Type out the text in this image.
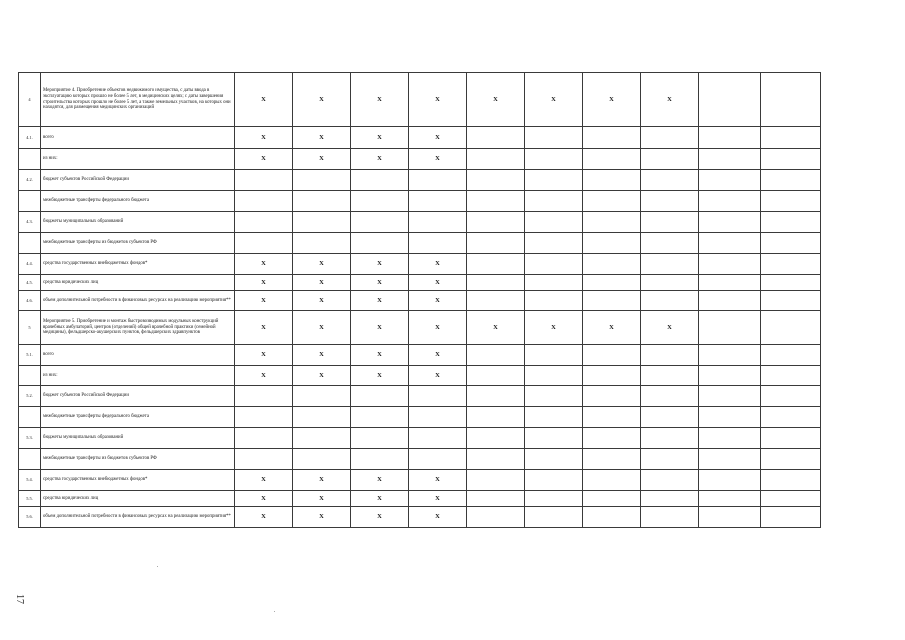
4	Мероприятие 4. Приобретение объектов недвижимого имущества, с даты ввода в эксплуатацию которых прошло не более 5 лет, в медицинских целях; с даты завершения строительства которых прошло не более 5 лет, а также земельных участков, на которых они находятся, для размещения медицинских организаций	X	X	X	X	X	X	X	X		
4.1.	всего	X	X	X	X						
	из них:	X	X	X	X						
4.2.	бюджет субъектов Российской Федерации										
	межбюджетные трансферты федерального бюджета										
4.3.	бюджеты муниципальных образований										
	межбюджетные трансферты из бюджетов субъектов РФ										
4.4.	средства государственных внебюджетных фондов*	X	X	X	X						
4.5.	средства юридических лиц	X	X	X	X						
4.6.	объем дополнительной потребности в финансовых ресурсах на реализацию мероприятия**	X	X	X	X						
5	Мероприятие 5. Приобретение и монтаж быстровозводимых модульных конструкций врачебных амбулаторий, центров (отделений) общей врачебной практики (семейной медицины), фельдшерско-акушерских пунктов, фельдшерских здравпунктов	X	X	X	X	X	X	X	X		
5.1.	всего	X	X	X	X						
	из них:	X	X	X	X						
5.2.	бюджет субъектов Российской Федерации										
	межбюджетные трансферты федерального бюджета										
5.3.	бюджеты муниципальных образований										
	межбюджетные трансферты из бюджетов субъектов РФ										
5.4.	средства государственных внебюджетных фондов*	X	X	X	X						
5.5.	средства юридических лиц	X	X	X	X						
5.6.	объем дополнительной потребности в финансовых ресурсах на реализацию мероприятия**	X	X	X	X						
17
